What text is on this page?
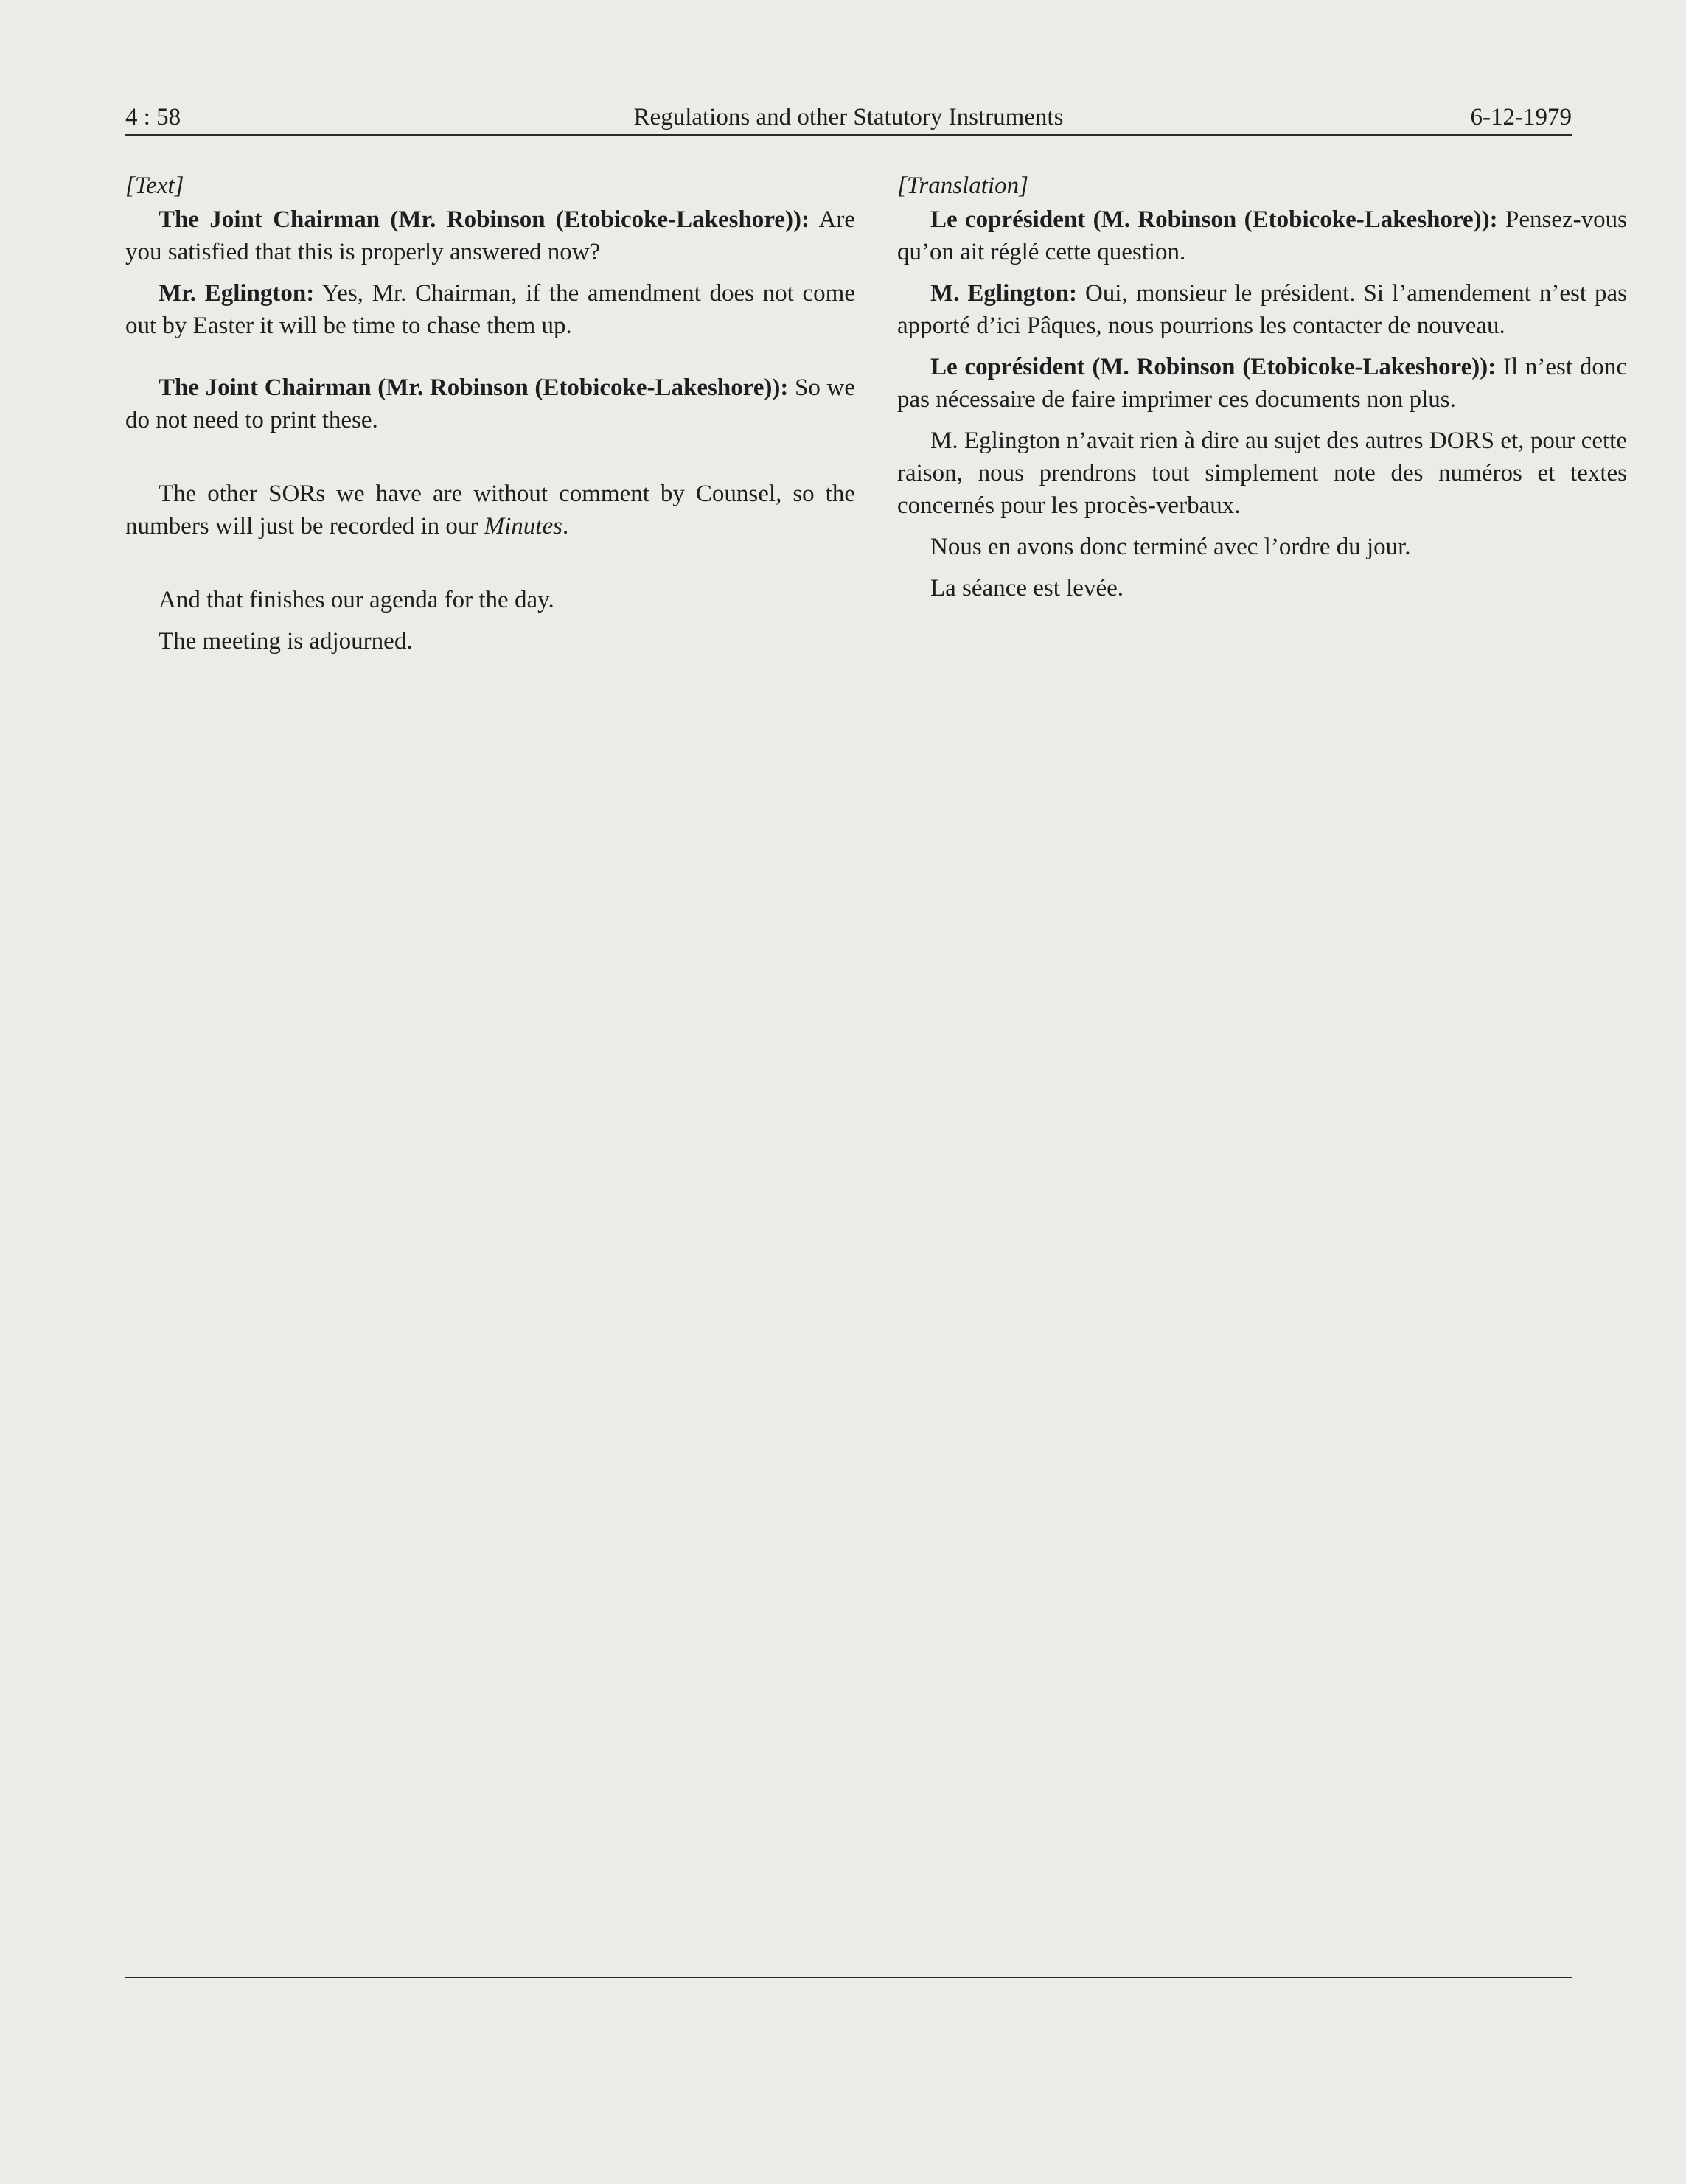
4 : 58	Regulations and other Statutory Instruments	6-12-1979
[Text]

The Joint Chairman (Mr. Robinson (Etobicoke-Lakeshore)): Are you satisfied that this is properly answered now?

Mr. Eglington: Yes, Mr. Chairman, if the amendment does not come out by Easter it will be time to chase them up.

The Joint Chairman (Mr. Robinson (Etobicoke-Lakeshore)): So we do not need to print these.

The other SORs we have are without comment by Counsel, so the numbers will just be recorded in our Minutes.

And that finishes our agenda for the day.

The meeting is adjourned.

[Translation]

Le coprésident (M. Robinson (Etobicoke-Lakeshore)): Pensez-vous qu’on ait réglé cette question.

M. Eglington: Oui, monsieur le président. Si l’amendement n’est pas apporté d’ici Pâques, nous pourrions les contacter de nouveau.

Le coprésident (M. Robinson (Etobicoke-Lakeshore)): Il n’est donc pas nécessaire de faire imprimer ces documents non plus.

M. Eglington n’avait rien à dire au sujet des autres DORS et, pour cette raison, nous prendrons tout simplement note des numéros et textes concernés pour les procès-verbaux.

Nous en avons donc terminé avec l’ordre du jour.

La séance est levée.
